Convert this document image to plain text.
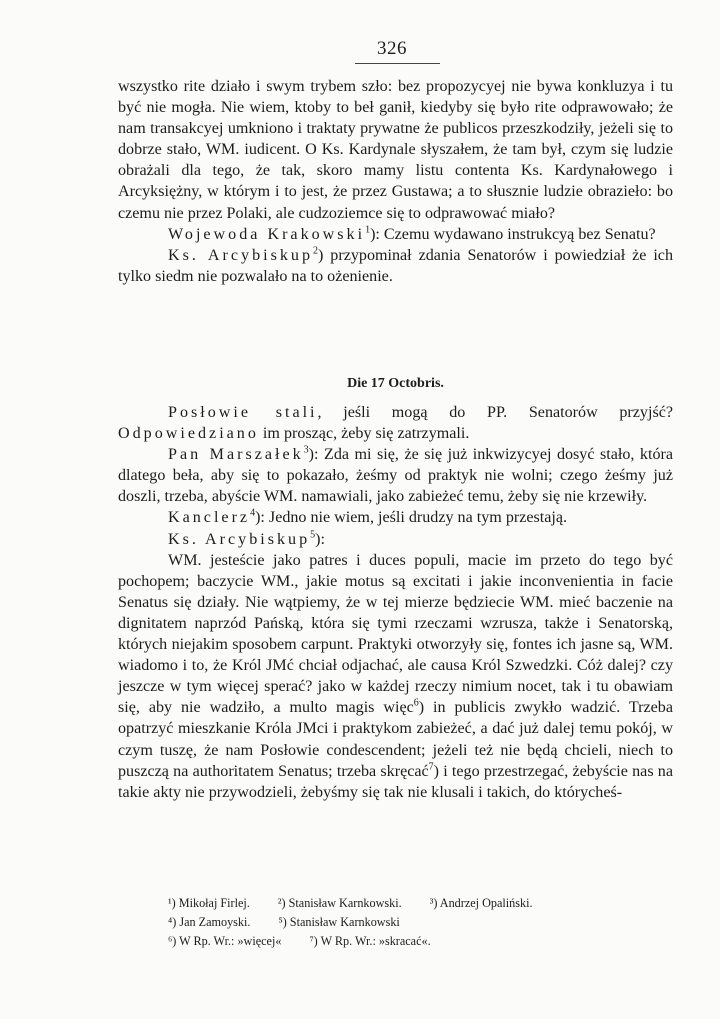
326

wszystko rite działo i swym trybem szło: bez propozycyej nie bywa konkluzya i tu być nie mogła. Nie wiem, ktoby to beł ganił, kiedyby się było rite odprawowało; że nam transakcyej umkniono i traktaty prywatne że publicos przeszkodziły, jeżeli się to dobrze stało, WM. iudicent. O Ks. Kardynale słyszałem, że tam był, czym się ludzie obrażali dla tego, że tak, skoro mamy listu contenta Ks. Kardynałowego i Arcyksiężny, w którym i to jest, że przez Gustawa; a to słusznie ludzie obraziełο: bo czemu nie przez Polaki, ale cudzoziemce się to odprawować miało?

Wojewoda Krakowski$^1$): Czemu wydawano instrukcyą bez Senatu?

Ks. Arcybiskup$^2$) przypominał zdania Senatorów i powiedział że ich tylko siedm nie pozwalało na to ożenienie.

Die 17 Octobris.

Posłowie stali, jeśli mogą do PP. Senatorów przyjść? Odpowiedziano im prosząc, żeby się zatrzymali.

Pan Marszałek$^3$): Zda mi się, że się już inkwizycyej dosyć stało, która dlatego beła, aby się to pokazało, żeśmy od praktyk nie wolni; czego żeśmy już doszli, trzeba, abyście WM. namawiali, jako zabieżeć temu, żeby się nie krzewiły.

Kanclerz$^4$): Jedno nie wiem, jeśli drudzy na tym przestają.

Ks. Arcybiskup$^5$):

WM. jesteście jako patres i duces populi, macie im przeto do tego być pochopem; baczycie WM., jakie motus są excitati i jakie inconvenientia in facie Senatus się działy. Nie wątpiemy, że w tej mierze będziecie WM. mieć baczenie na dignitatem naprzód Pańską, która się tymi rzeczami wzrusza, także i Senatorską, których niejakim sposobem carpunt. Praktyki otworzyły się, fontes ich jasne są, WM. wiadomo i to, że Król JMć chciał odjachać, ale causa Król Szwedzki. Cóż dalej? czy jeszcze w tym więcej sperać? jako w każdej rzeczy nimium nocet, tak i tu obawiam się, aby nie wadziło, a multo magis więc$^6$) in publicis zwykło wadzić. Trzeba opatrzyć mieszkanie Króla JMci i praktykom zabieżeć, a dać już dalej temu pokój, w czym tuszę, że nam Posłowie condescendent; jeżeli też nie będą chcieli, niech to puszczą na authoritatem Senatus; trzeba skręcać$^7$) i tego przestrzegać, żebyście nas na takie akty nie przywodzieli, żebyśmy się tak nie klusali i takich, do którycheś-

¹) Mikołaj Firlej. ²) Stanisław Karnkowski. ³) Andrzej Opaliński.
⁴) Jan Zamoyski. ⁵) Stanisław Karnkowski
⁶) W Rp. Wr.: »więcej« ⁷) W Rp. Wr.: »skracać«.
